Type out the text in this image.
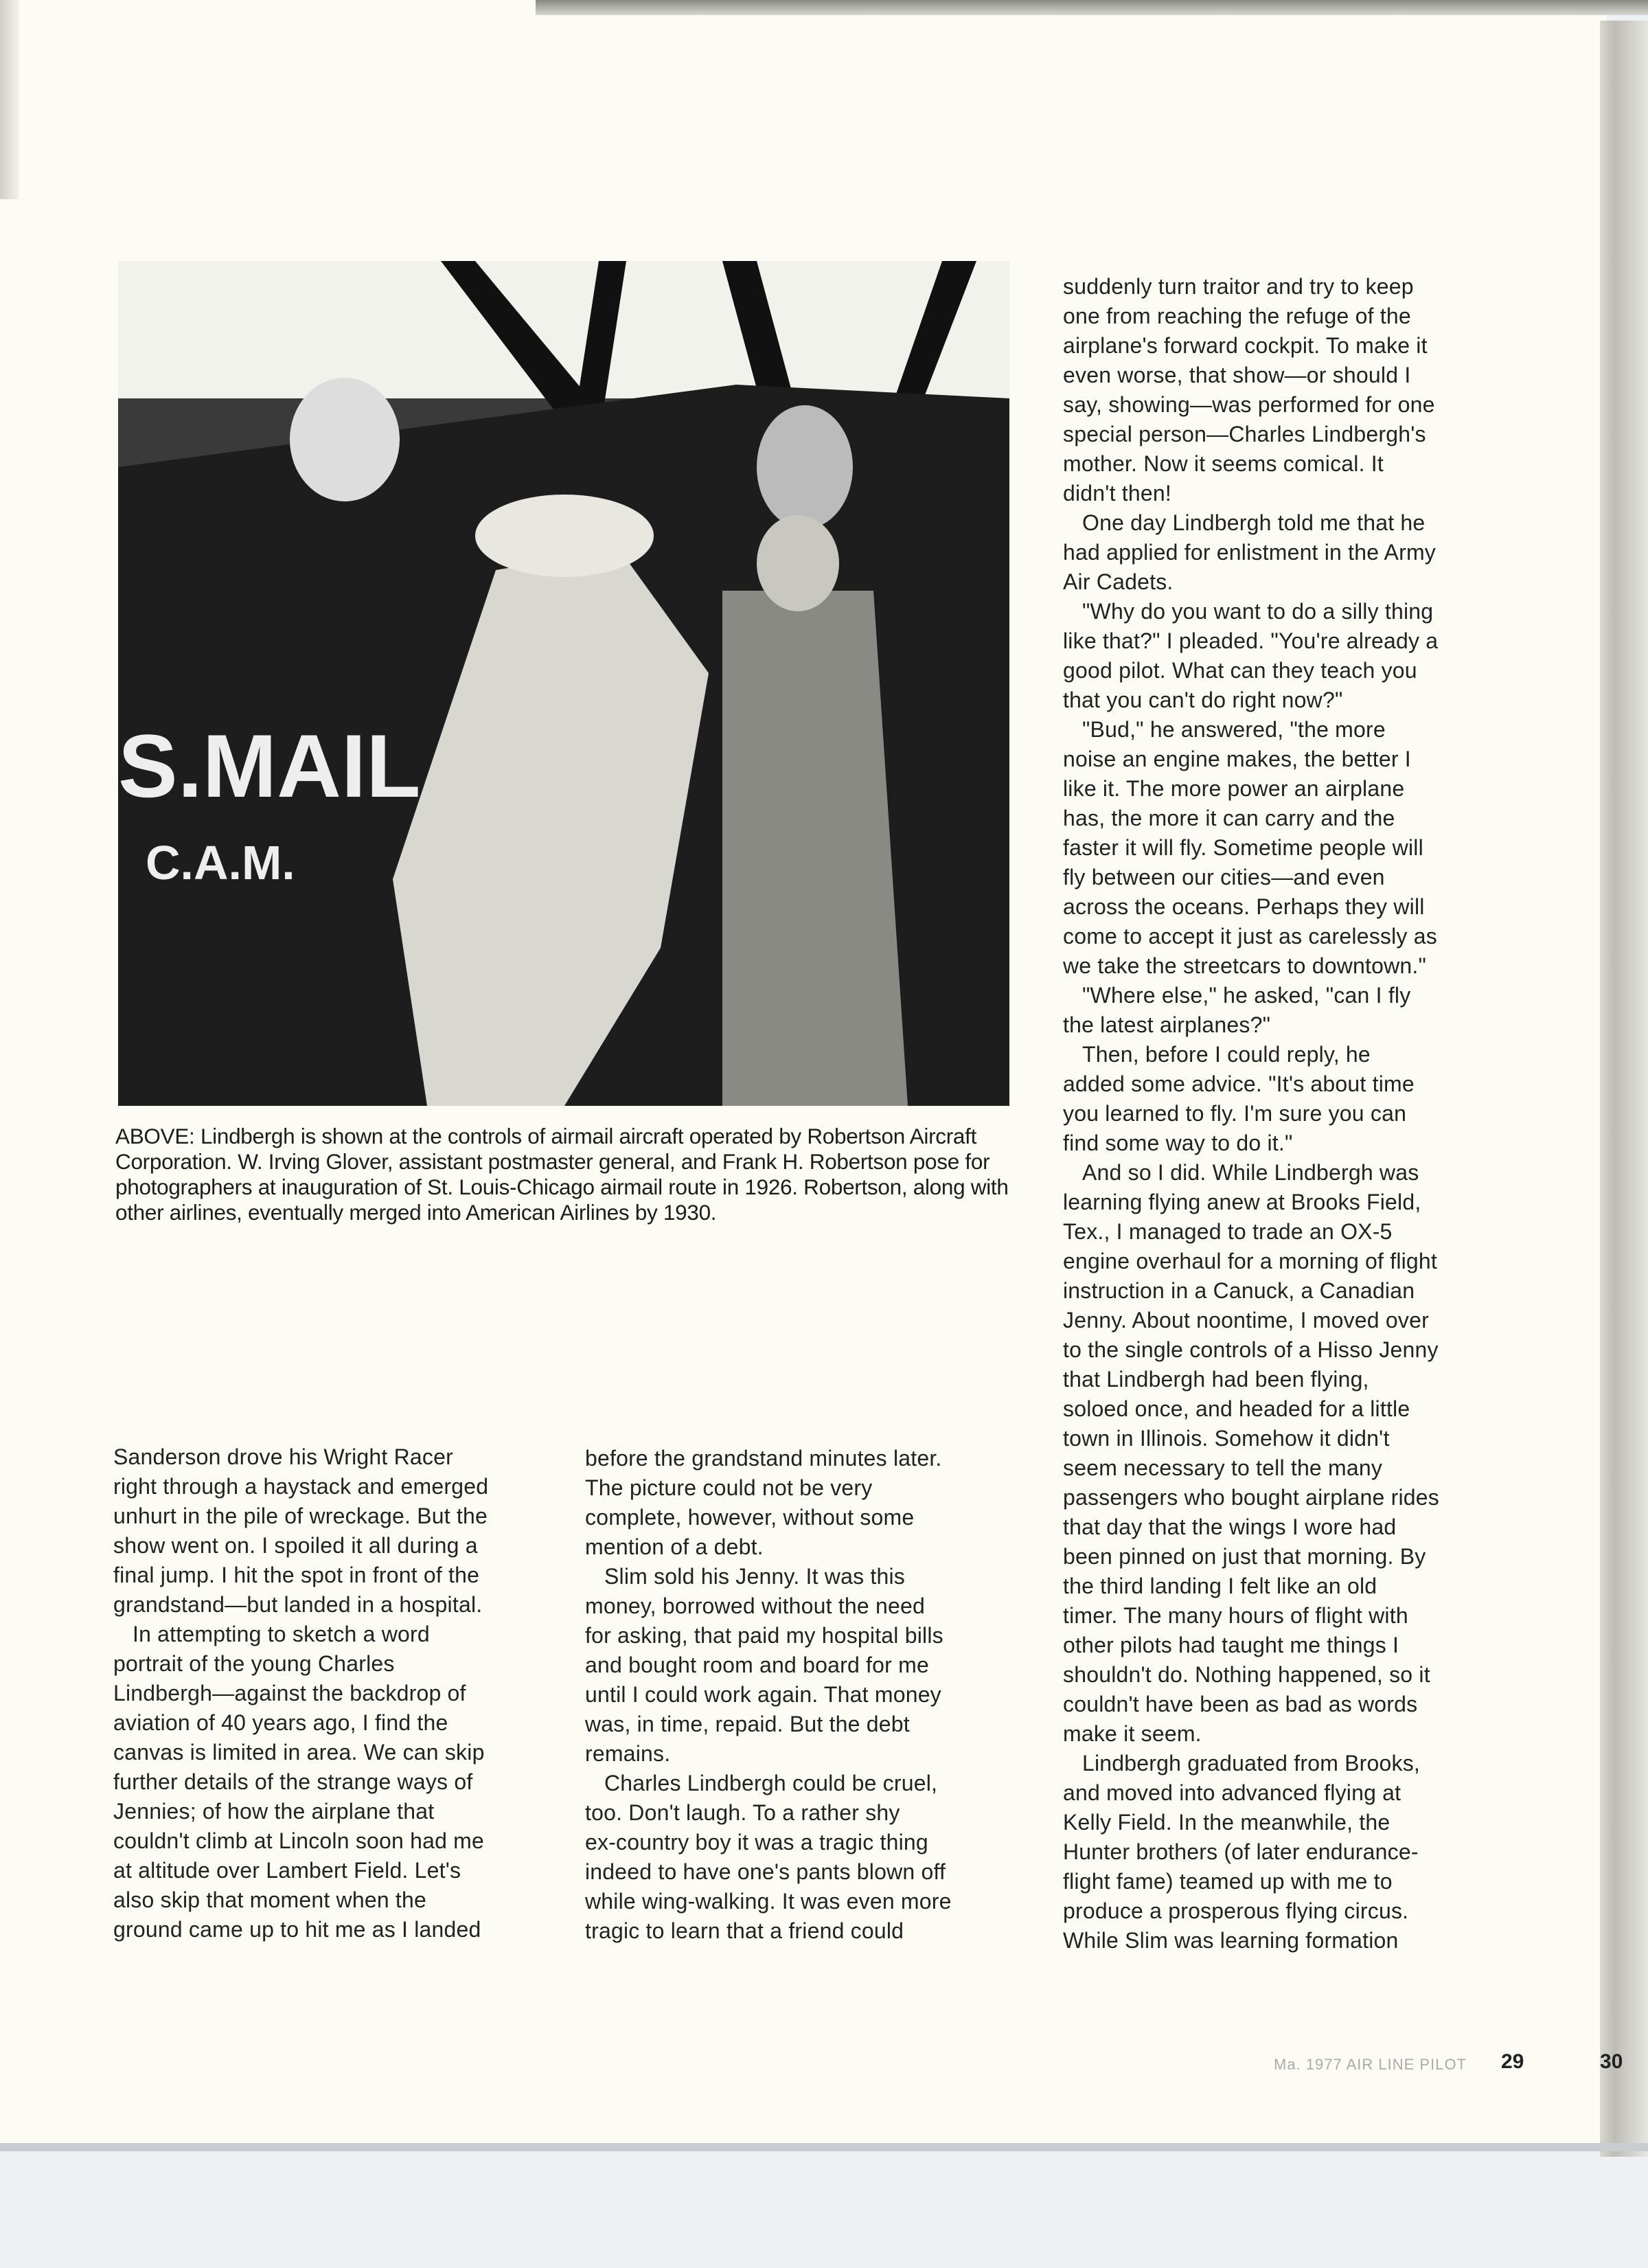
S.MAIL
C.A.M.
ABOVE: Lindbergh is shown at the controls of airmail aircraft operated by Robertson Aircraft Corporation. W. Irving Glover, assistant postmaster general, and Frank H. Robertson pose for photographers at inauguration of St. Louis-Chicago airmail route in 1926. Robertson, along with other airlines, eventually merged into American Airlines by 1930.
Sanderson drove his Wright Racer
right through a haystack and emerged
unhurt in the pile of wreckage. But the
show went on. I spoiled it all during a
final jump. I hit the spot in front of the
grandstand—but landed in a hospital.
In attempting to sketch a word
portrait of the young Charles
Lindbergh—against the backdrop of
aviation of 40 years ago, I find the
canvas is limited in area. We can skip
further details of the strange ways of
Jennies; of how the airplane that
couldn't climb at Lincoln soon had me
at altitude over Lambert Field. Let's
also skip that moment when the
ground came up to hit me as I landed
before the grandstand minutes later.
The picture could not be very
complete, however, without some
mention of a debt.
Slim sold his Jenny. It was this
money, borrowed without the need
for asking, that paid my hospital bills
and bought room and board for me
until I could work again. That money
was, in time, repaid. But the debt
remains.
Charles Lindbergh could be cruel,
too. Don't laugh. To a rather shy
ex-country boy it was a tragic thing
indeed to have one's pants blown off
while wing-walking. It was even more
tragic to learn that a friend could
suddenly turn traitor and try to keep
one from reaching the refuge of the
airplane's forward cockpit. To make it
even worse, that show—or should I
say, showing—was performed for one
special person—Charles Lindbergh's
mother. Now it seems comical. It
didn't then!
One day Lindbergh told me that he
had applied for enlistment in the Army
Air Cadets.
"Why do you want to do a silly thing
like that?" I pleaded. "You're already a
good pilot. What can they teach you
that you can't do right now?"
"Bud," he answered, "the more
noise an engine makes, the better I
like it. The more power an airplane
has, the more it can carry and the
faster it will fly. Sometime people will
fly between our cities—and even
across the oceans. Perhaps they will
come to accept it just as carelessly as
we take the streetcars to downtown."
"Where else," he asked, "can I fly
the latest airplanes?"
Then, before I could reply, he
added some advice. "It's about time
you learned to fly. I'm sure you can
find some way to do it."
And so I did. While Lindbergh was
learning flying anew at Brooks Field,
Tex., I managed to trade an OX-5
engine overhaul for a morning of flight
instruction in a Canuck, a Canadian
Jenny. About noontime, I moved over
to the single controls of a Hisso Jenny
that Lindbergh had been flying,
soloed once, and headed for a little
town in Illinois. Somehow it didn't
seem necessary to tell the many
passengers who bought airplane rides
that day that the wings I wore had
been pinned on just that morning. By
the third landing I felt like an old
timer. The many hours of flight with
other pilots had taught me things I
shouldn't do. Nothing happened, so it
couldn't have been as bad as words
make it seem.
Lindbergh graduated from Brooks,
and moved into advanced flying at
Kelly Field. In the meanwhile, the
Hunter brothers (of later endurance-
flight fame) teamed up with me to
produce a prosperous flying circus.
While Slim was learning formation
Ma. 1977 AIR LINE PILOT 29	30
